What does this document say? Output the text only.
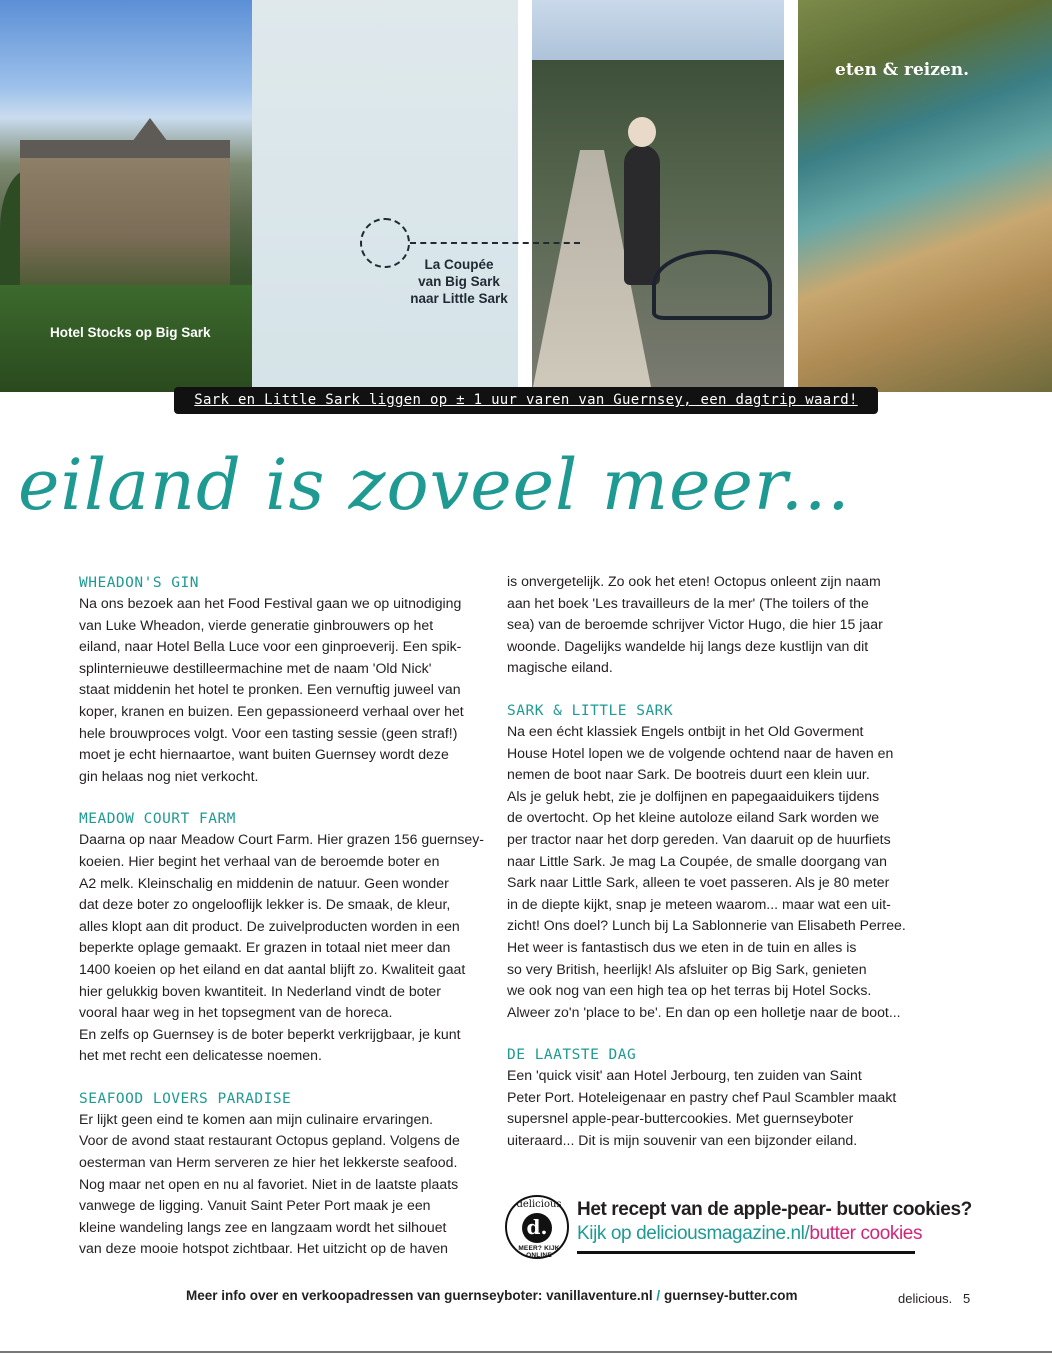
Hotel Stocks op Big Sark
La Coupée
van Big Sark
naar Little Sark
eten & reizen.
Sark en Little Sark liggen op ± 1 uur varen van Guernsey, een dagtrip waard!
eiland is zoveel meer...
WHEADON'S GIN

Na ons bezoek aan het Food Festival gaan we op uitnodiging

van Luke Wheadon, vierde generatie ginbrouwers op het

eiland, naar Hotel Bella Luce voor een ginproeverij. Een spik-

splinternieuwe destilleermachine met de naam 'Old Nick'

staat middenin het hotel te pronken. Een vernuftig juweel van

koper, kranen en buizen. Een gepassioneerd verhaal over het

hele brouwproces volgt. Voor een tasting sessie (geen straf!)

moet je echt hiernaartoe, want buiten Guernsey wordt deze

gin helaas nog niet verkocht.

MEADOW COURT FARM

Daarna op naar Meadow Court Farm. Hier grazen 156 guernsey-

koeien. Hier begint het verhaal van de beroemde boter en

A2 melk. Kleinschalig en middenin de natuur. Geen wonder

dat deze boter zo ongelooflijk lekker is. De smaak, de kleur,

alles klopt aan dit product. De zuivelproducten worden in een

beperkte oplage gemaakt. Er grazen in totaal niet meer dan

1400 koeien op het eiland en dat aantal blijft zo. Kwaliteit gaat

hier gelukkig boven kwantiteit. In Nederland vindt de boter

vooral haar weg in het topsegment van de horeca.

En zelfs op Guernsey is de boter beperkt verkrijgbaar, je kunt

het met recht een delicatesse noemen.

SEAFOOD LOVERS PARADISE

Er lijkt geen eind te komen aan mijn culinaire ervaringen.

Voor de avond staat restaurant Octopus gepland. Volgens de

oesterman van Herm serveren ze hier het lekkerste seafood.

Nog maar net open en nu al favoriet. Niet in de laatste plaats

vanwege de ligging. Vanuit Saint Peter Port maak je een

kleine wandeling langs zee en langzaam wordt het silhouet

van deze mooie hotspot zichtbaar. Het uitzicht op de haven

is onvergetelijk. Zo ook het eten! Octopus onleent zijn naam

aan het boek 'Les travailleurs de la mer' (The toilers of the

sea) van de beroemde schrijver Victor Hugo, die hier 15 jaar

woonde. Dagelijks wandelde hij langs deze kustlijn van dit

magische eiland.

SARK & LITTLE SARK

Na een écht klassiek Engels ontbijt in het Old Goverment

House Hotel lopen we de volgende ochtend naar de haven en

nemen de boot naar Sark. De bootreis duurt een klein uur.

Als je geluk hebt, zie je dolfijnen en papegaaiduikers tijdens

de overtocht. Op het kleine autoloze eiland Sark worden we

per tractor naar het dorp gereden. Van daaruit op de huurfiets

naar Little Sark. Je mag La Coupée, de smalle doorgang van

Sark naar Little Sark, alleen te voet passeren. Als je 80 meter

in de diepte kijkt, snap je meteen waarom... maar wat een uit-

zicht! Ons doel? Lunch bij La Sablonnerie van Elisabeth Perree.

Het weer is fantastisch dus we eten in de tuin en alles is

so very British, heerlijk! Als afsluiter op Big Sark, genieten

we ook nog van een high tea op het terras bij Hotel Socks.

Alweer zo'n 'place to be'. En dan op een holletje naar de boot...

DE LAATSTE DAG

Een 'quick visit' aan Hotel Jerbourg, ten zuiden van Saint

Peter Port. Hoteleigenaar en pastry chef Paul Scambler maakt

supersnel apple-pear-buttercookies. Met guernseyboter

uiteraard... Dit is mijn souvenir van een bijzonder eiland.

delicious
d.
MEER? KIJK ONLINE
Het recept van de apple-pear- butter cookies?
Kijk op deliciousmagazine.nl/butter cookies
Meer info over en verkoopadressen van guernseyboter: vanillaventure.nl / guernsey-butter.com	delicious. 5
